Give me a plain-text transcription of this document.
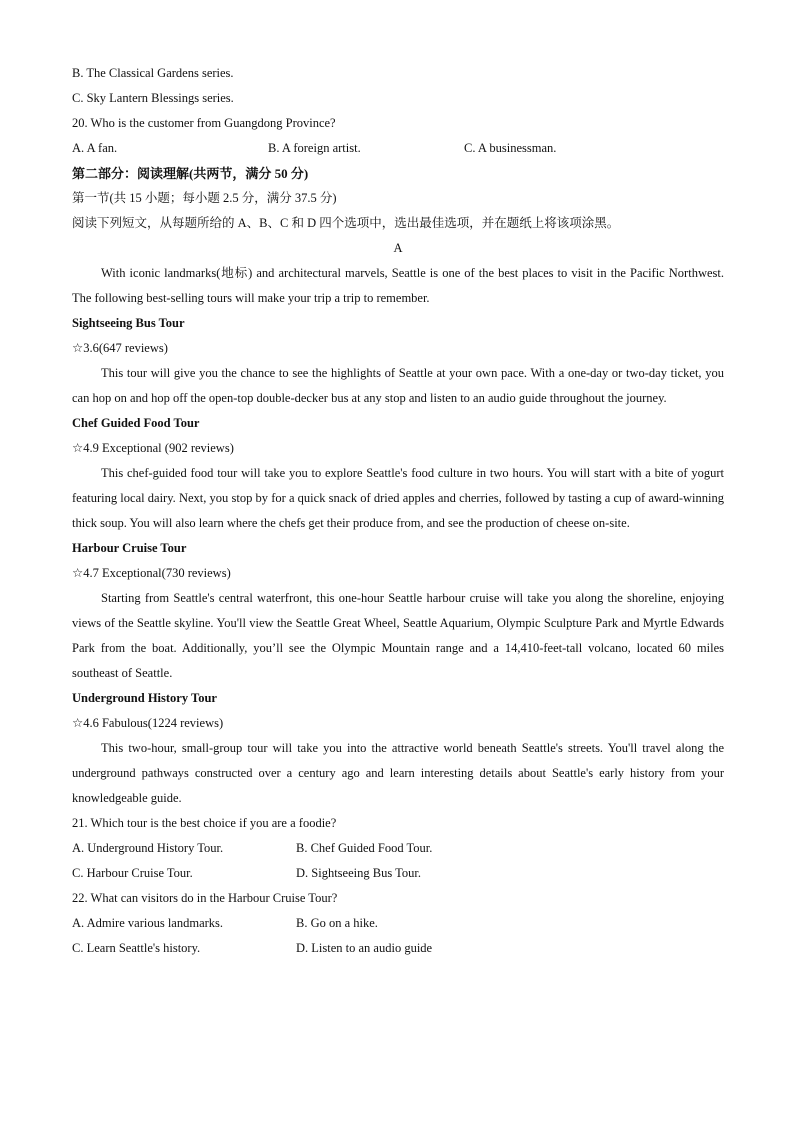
B. The Classical Gardens series.
C. Sky Lantern Blessings series.
20. Who is the customer from Guangdong Province?
A. A fan.	B. A foreign artist.	C. A businessman.
第二部分：阅读理解(共两节，满分 50 分)
第一节(共 15 小题；每小题 2.5 分，满分 37.5 分)
阅读下列短文，从每题所给的 A、B、C 和 D 四个选项中，选出最佳选项，并在题纸上将该项涂黑。
A
With iconic landmarks(地标) and architectural marvels, Seattle is one of the best places to visit in the Pacific Northwest. The following best-selling tours will make your trip a trip to remember.
Sightseeing Bus Tour
☆3.6(647 reviews)
This tour will give you the chance to see the highlights of Seattle at your own pace. With a one-day or two-day ticket, you can hop on and hop off the open-top double-decker bus at any stop and listen to an audio guide throughout the journey.
Chef Guided Food Tour
☆4.9 Exceptional (902 reviews)
This chef-guided food tour will take you to explore Seattle's food culture in two hours. You will start with a bite of yogurt featuring local dairy. Next, you stop by for a quick snack of dried apples and cherries, followed by tasting a cup of award-winning thick soup. You will also learn where the chefs get their produce from, and see the production of cheese on-site.
Harbour Cruise Tour
☆4.7 Exceptional(730 reviews)
Starting from Seattle's central waterfront, this one-hour Seattle harbour cruise will take you along the shoreline, enjoying views of the Seattle skyline. You'll view the Seattle Great Wheel, Seattle Aquarium, Olympic Sculpture Park and Myrtle Edwards Park from the boat. Additionally, you’ll see the Olympic Mountain range and a 14,410-feet-tall volcano, located 60 miles southeast of Seattle.
Underground History Tour
☆4.6 Fabulous(1224 reviews)
This two-hour, small-group tour will take you into the attractive world beneath Seattle's streets. You'll travel along the underground pathways constructed over a century ago and learn interesting details about Seattle's early history from your knowledgeable guide.
21. Which tour is the best choice if you are a foodie?
A. Underground History Tour.	B. Chef Guided Food Tour.
C. Harbour Cruise Tour.	D. Sightseeing Bus Tour.
22. What can visitors do in the Harbour Cruise Tour?
A. Admire various landmarks.	B. Go on a hike.
C. Learn Seattle's history.	D. Listen to an audio guide
